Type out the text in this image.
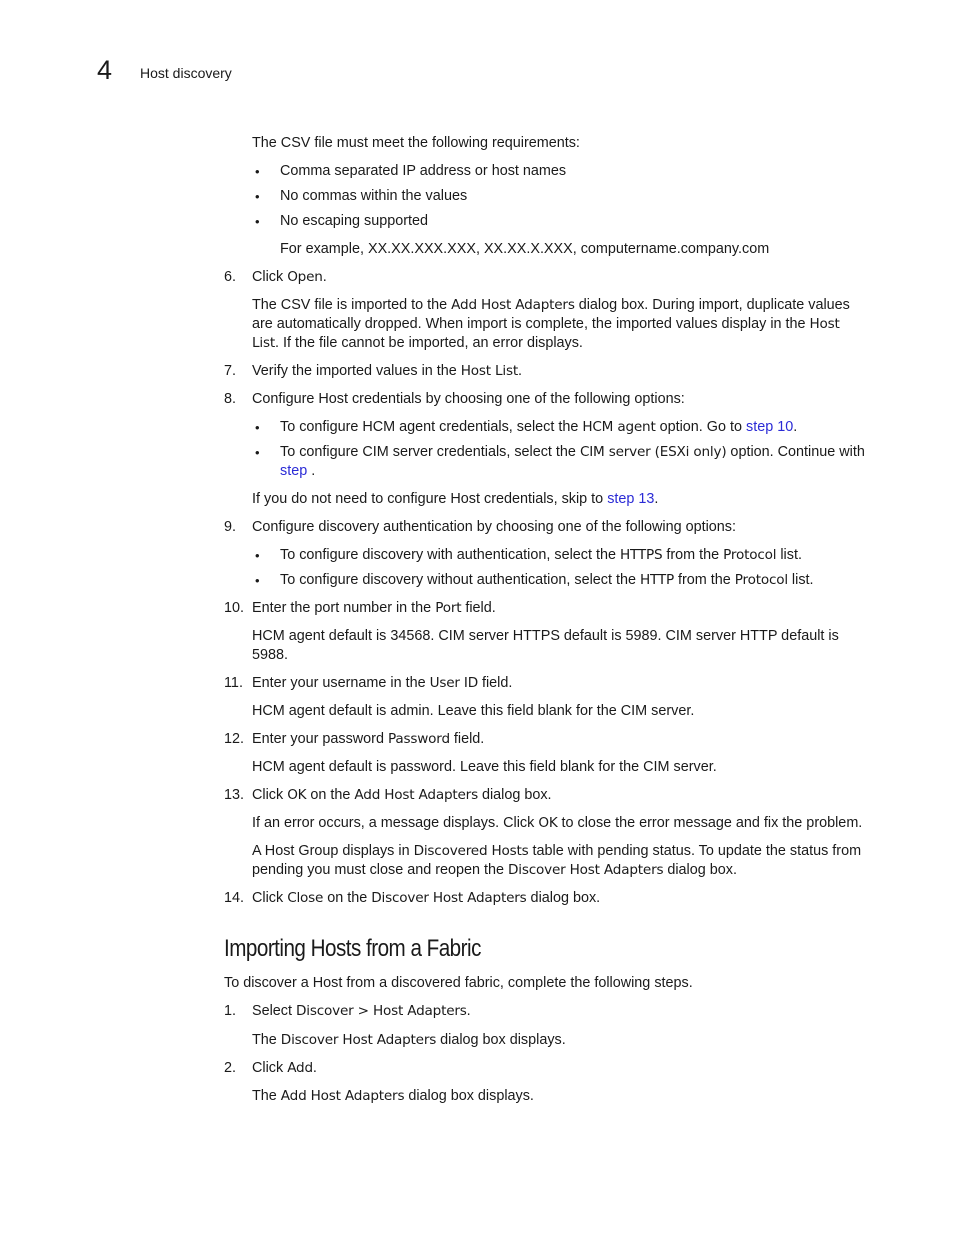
4 Host discovery
The CSV file must meet the following requirements:
• Comma separated IP address or host names
• No commas within the values
• No escaping supported
For example, XX.XX.XXX.XXX, XX.XX.X.XXX, computername.company.com
6. Click Open.
The CSV file is imported to the Add Host Adapters dialog box. During import, duplicate values
are automatically dropped. When import is complete, the imported values display in the Host
List. If the file cannot be imported, an error displays.
7. Verify the imported values in the Host List.
8. Configure Host credentials by choosing one of the following options:
• To configure HCM agent credentials, select the HCM agent option. Go to step 10.
• To configure CIM server credentials, select the CIM server (ESXi only) option. Continue with
step .
If you do not need to configure Host credentials, skip to step 13.
9. Configure discovery authentication by choosing one of the following options:
• To configure discovery with authentication, select the HTTPS from the Protocol list.
• To configure discovery without authentication, select the HTTP from the Protocol list.
10. Enter the port number in the Port field.
HCM agent default is 34568. CIM server HTTPS default is 5989. CIM server HTTP default is
5988.
11. Enter your username in the User ID field.
HCM agent default is admin. Leave this field blank for the CIM server.
12. Enter your password Password field.
HCM agent default is password. Leave this field blank for the CIM server.
13. Click OK on the Add Host Adapters dialog box.
If an error occurs, a message displays. Click OK to close the error message and fix the problem.
A Host Group displays in Discovered Hosts table with pending status. To update the status from
pending you must close and reopen the Discover Host Adapters dialog box.
14. Click Close on the Discover Host Adapters dialog box.
Importing Hosts from a Fabric
To discover a Host from a discovered fabric, complete the following steps.
1. Select Discover > Host Adapters.
The Discover Host Adapters dialog box displays.
2. Click Add.
The Add Host Adapters dialog box displays.
